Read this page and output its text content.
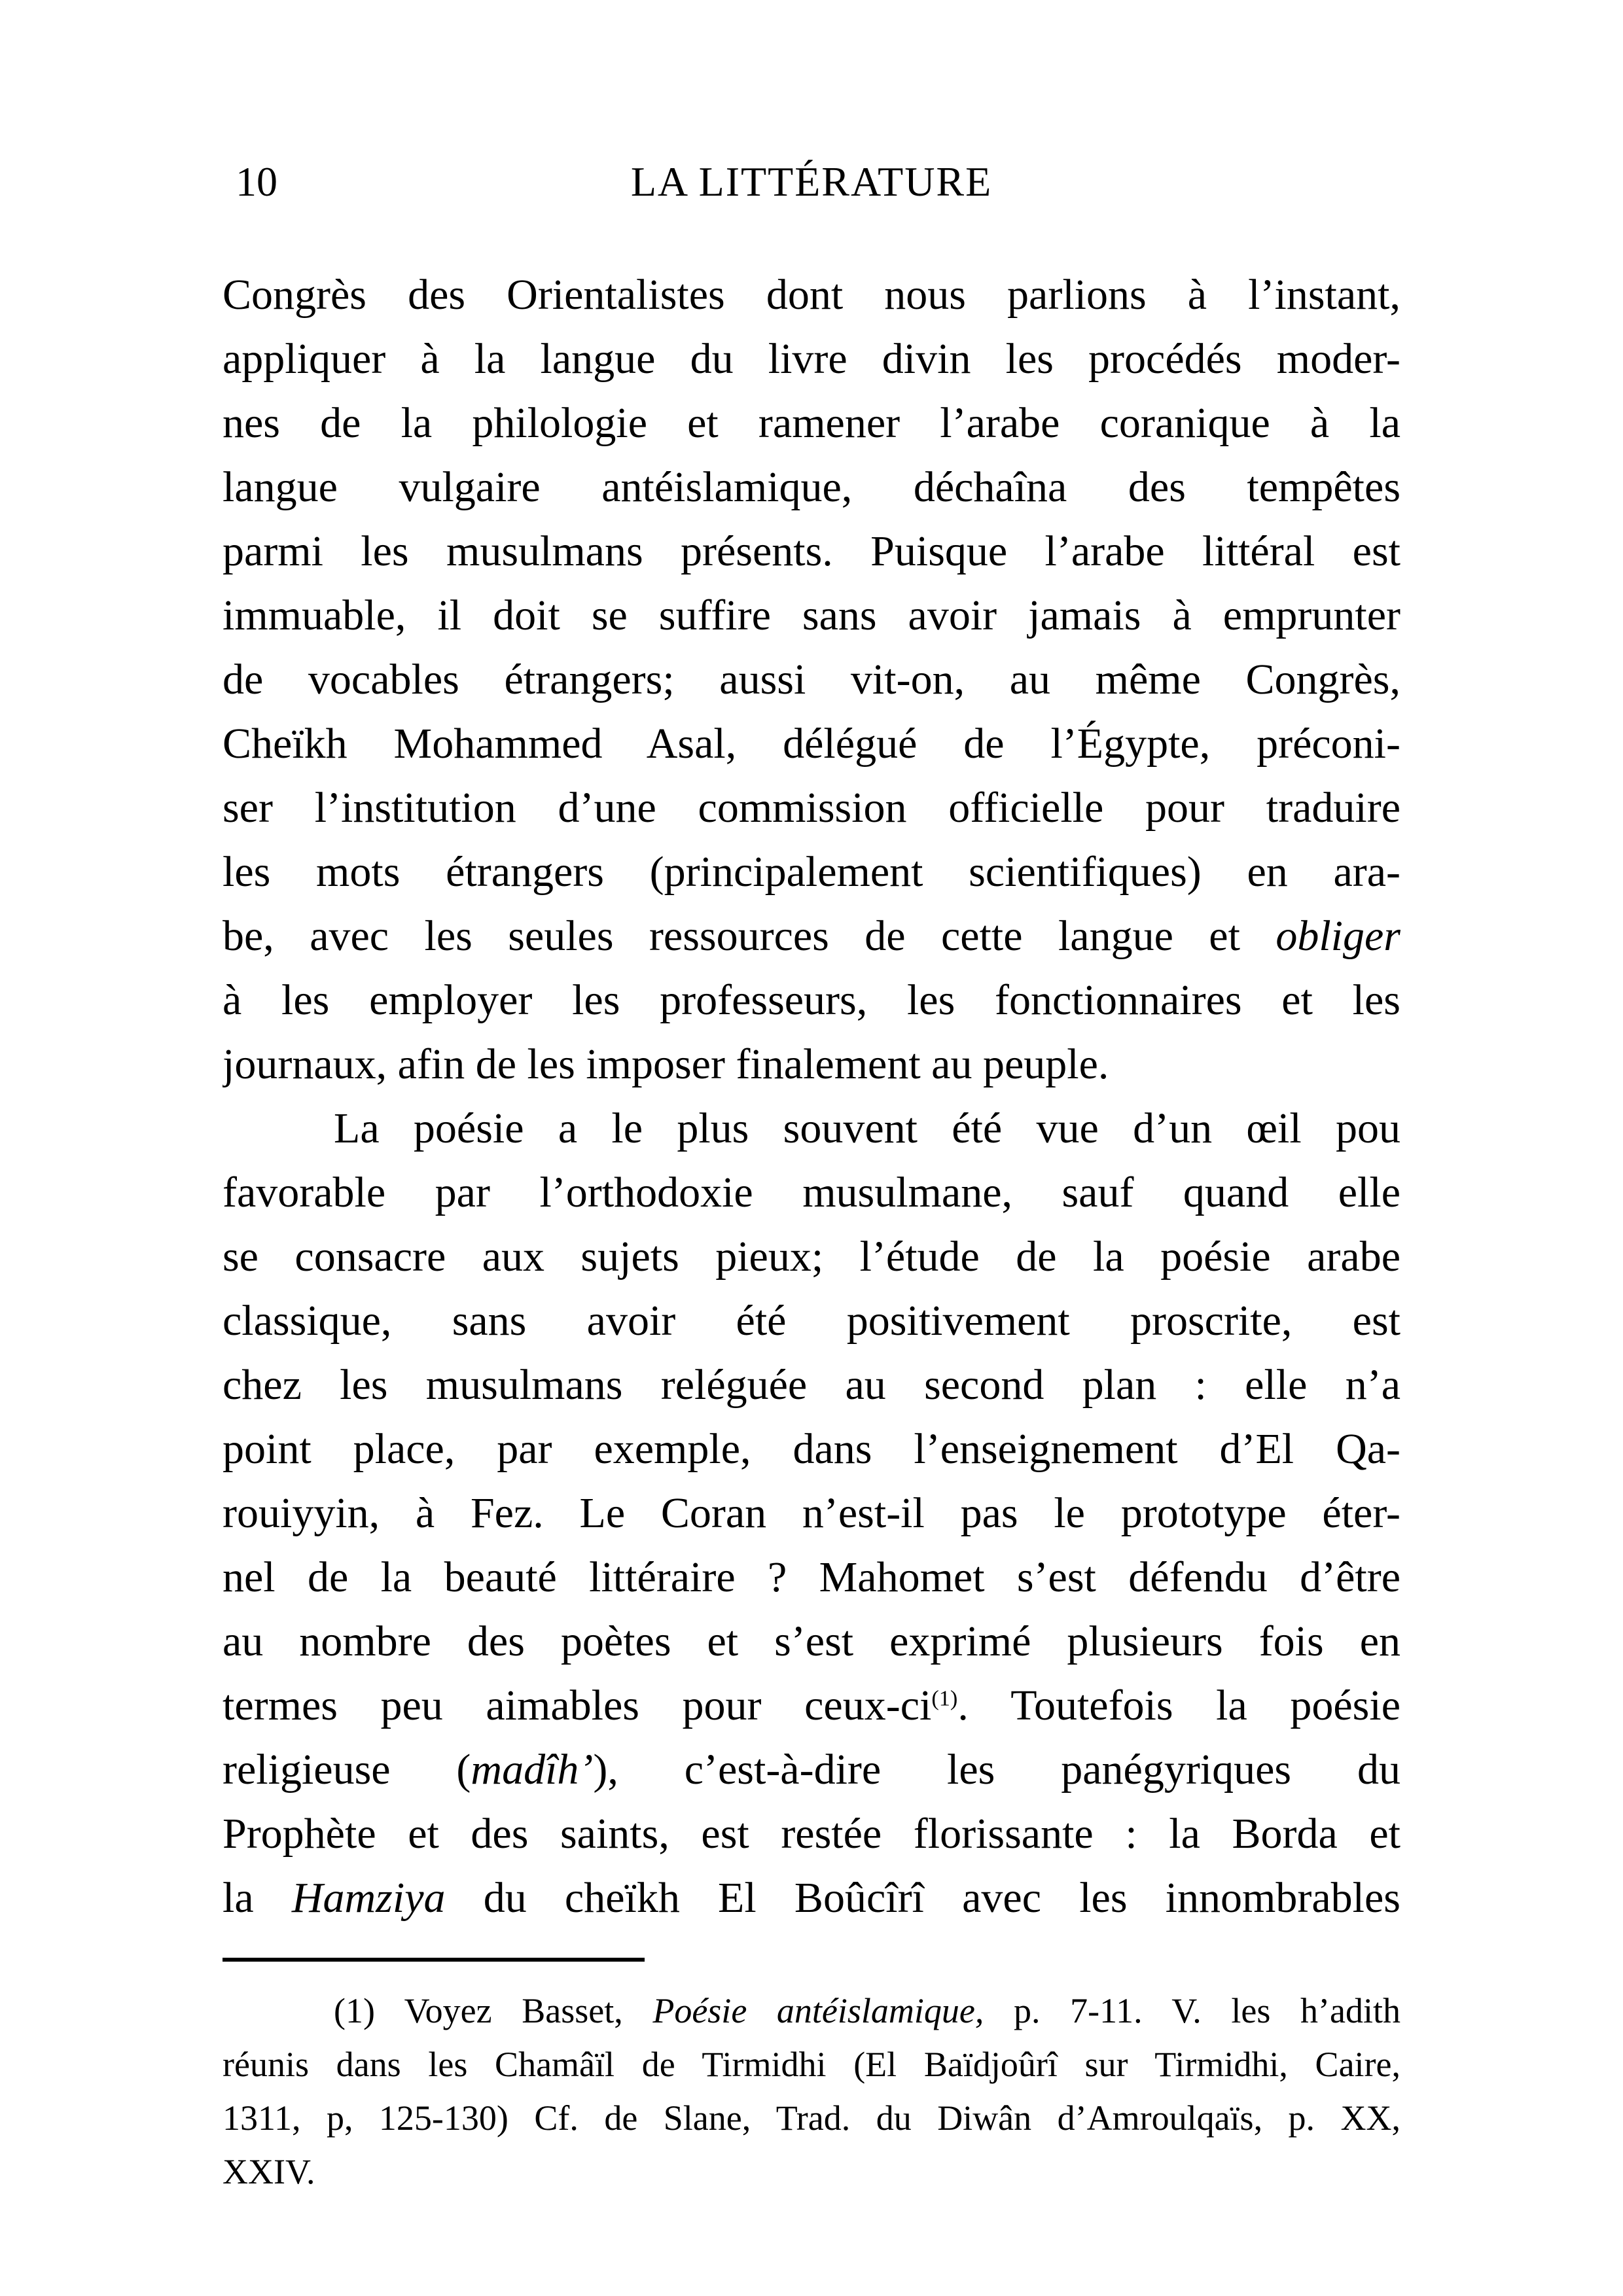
10	LA LITTÉRATURE
Congrès des Orientalistes dont nous parlions à l’instant,
appliquer à la langue du livre divin les procédés moder-
nes de la philologie et ramener l’arabe coranique à la
langue vulgaire antéislamique, déchaîna des tempêtes
parmi les musulmans présents. Puisque l’arabe littéral est
immuable, il doit se suffire sans avoir jamais à emprunter
de vocables étrangers; aussi vit-on, au même Congrès,
Cheïkh Mohammed Asal, délégué de l’Égypte, préconi-
ser l’institution d’une commission officielle pour traduire
les mots étrangers (principalement scientifiques) en ara-
be, avec les seules ressources de cette langue et obliger
à les employer les professeurs, les fonctionnaires et les
journaux, afin de les imposer finalement au peuple.
La poésie a le plus souvent été vue d’un œil pou
favorable par l’orthodoxie musulmane, sauf quand elle
se consacre aux sujets pieux; l’étude de la poésie arabe
classique, sans avoir été positivement proscrite, est
chez les musulmans reléguée au second plan : elle n’a
point place, par exemple, dans l’enseignement d’El Qa-
rouiyyin, à Fez. Le Coran n’est-il pas le prototype éter-
nel de la beauté littéraire ? Mahomet s’est défendu d’être
au nombre des poètes et s’est exprimé plusieurs fois en
termes peu aimables pour ceux-$ci^{(1)}$. Toutefois la poésie
religieuse (madîh’), c’est-à-dire les panégyriques du
Prophète et des saints, est restée florissante : la Borda et
la Hamziya du cheïkh El Boûcîrî avec les innombrables
(1) Voyez Basset, Poésie antéislamique, p. 7-11. V. les h’adith
réunis dans les Chamâïl de Tirmidhi (El Baïdjoûrî sur Tirmidhi, Caire,
1311, p, 125-130) Cf. de Slane, Trad. du Diwân d’Amroulqaïs, p. XX,
XXIV.
